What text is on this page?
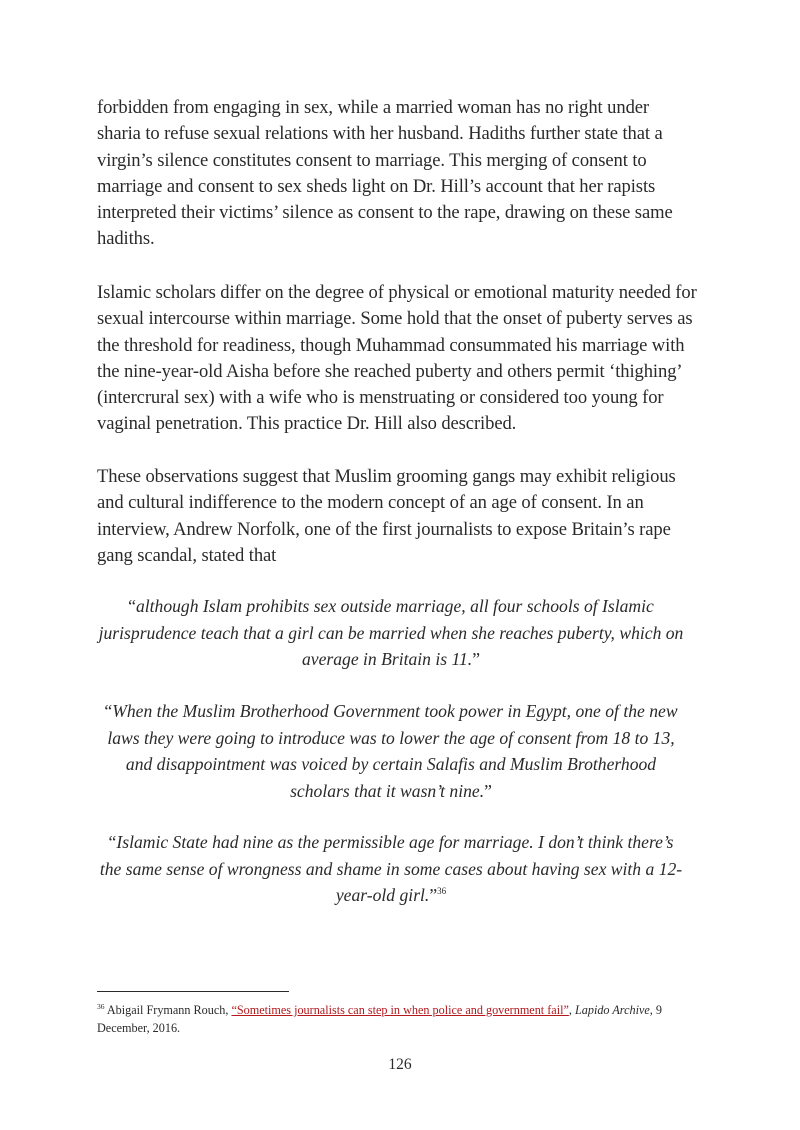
forbidden from engaging in sex, while a married woman has no right under sharia to refuse sexual relations with her husband. Hadiths further state that a virgin’s silence constitutes consent to marriage. This merging of consent to marriage and consent to sex sheds light on Dr. Hill’s account that her rapists interpreted their victims’ silence as consent to the rape, drawing on these same hadiths.

Islamic scholars differ on the degree of physical or emotional maturity needed for sexual intercourse within marriage. Some hold that the onset of puberty serves as the threshold for readiness, though Muhammad consummated his marriage with the nine-year-old Aisha before she reached puberty and others permit ‘thighing’ (intercrural sex) with a wife who is menstruating or considered too young for vaginal penetration. This practice Dr. Hill also described.

These observations suggest that Muslim grooming gangs may exhibit religious and cultural indifference to the modern concept of an age of consent. In an interview, Andrew Norfolk, one of the first journalists to expose Britain’s rape gang scandal, stated that

“although Islam prohibits sex outside marriage, all four schools of Islamic jurisprudence teach that a girl can be married when she reaches puberty, which on average in Britain is 11.”

“When the Muslim Brotherhood Government took power in Egypt, one of the new laws they were going to introduce was to lower the age of consent from 18 to 13, and disappointment was voiced by certain Salafis and Muslim Brotherhood scholars that it wasn’t nine.”

“Islamic State had nine as the permissible age for marriage. I don’t think there’s the same sense of wrongness and shame in some cases about having sex with a 12-year-old girl.”$^{36}$

$^{36}$ Abigail Frymann Rouch, “Sometimes journalists can step in when police and government fail”, Lapido Archive, 9 December, 2016.

126
